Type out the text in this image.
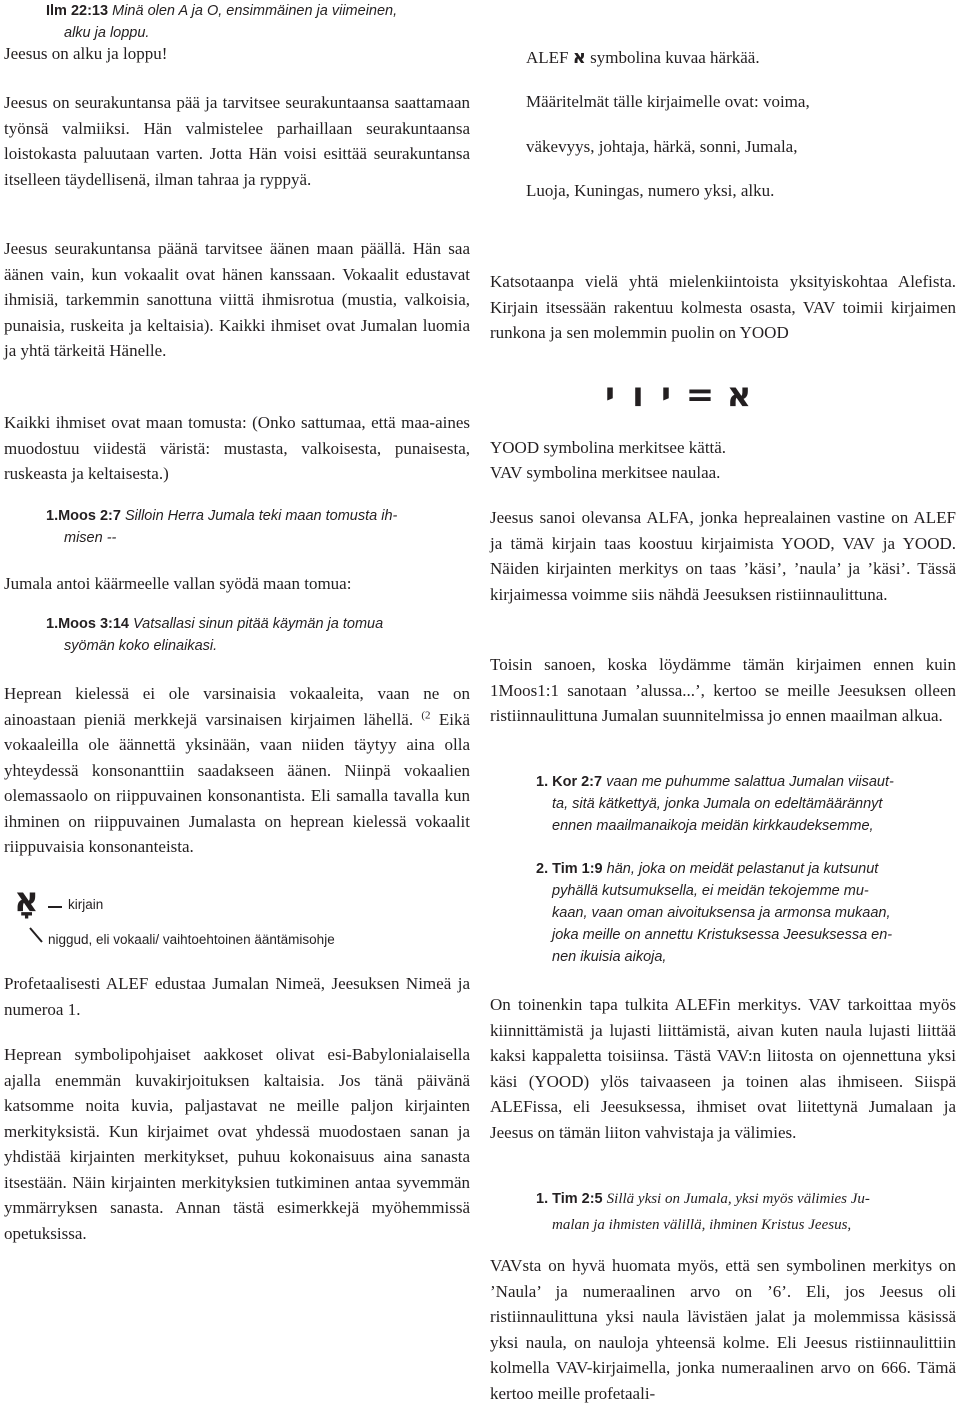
Ilm 22:13 Minä olen A ja O, ensimmäinen ja viimeinen,
alku ja loppu.
Jeesus on alku ja loppu!

Jeesus on seurakuntansa pää ja tarvitsee seurakuntaansa saattamaan työnsä valmiiksi. Hän valmistelee parhaillaan seurakuntaansa loistokasta paluutaan varten. Jotta Hän voisi esittää seurakuntansa itselleen täydellisenä, ilman tahraa ja ryppyä.

Jeesus seurakuntansa päänä tarvitsee äänen maan päällä. Hän saa äänen vain, kun vokaalit ovat hänen kanssaan. Vokaalit edustavat ihmisiä, tarkemmin sanottuna viittä ihmisrotua (mustia, valkoisia, punaisia, ruskeita ja keltaisia). Kaikki ihmiset ovat Jumalan luomia ja yhtä tärkeitä Hänelle.

Kaikki ihmiset ovat maan tomusta: (Onko sattumaa, että maa-aines muodostuu viidestä väristä: mustasta, valkoisesta, punaisesta, ruskeasta ja keltaisesta.)

1.Moos 2:7 Silloin Herra Jumala teki maan tomusta ih-
misen --
Jumala antoi käärmeelle vallan syödä maan tomua:
1.Moos 3:14 Vatsallasi sinun pitää käymän ja tomua
syömän koko elinaikasi.

Heprean kielessä ei ole varsinaisia vokaaleita, vaan ne on ainoastaan pieniä merkkejä varsinaisen kirjaimen lähellä. $^{(2}$ Eikä vokaaleilla ole äännettä yksinään, vaan niiden täytyy aina olla yhteydessä konsonanttiin saadakseen äänen. Niinpä vokaalien olemassaolo on riippuvainen konsonantista. Eli samalla tavalla kun ihminen on riippuvainen Jumalasta on heprean kielessä vokaalit riippuvaisia konsonanteista.

אָ kirjain
niggud, eli vokaali/ vaihtoehtoinen ääntämisohje

Profetaalisesti ALEF edustaa Jumalan Nimeä, Jeesuksen Nimeä ja numeroa 1.

Heprean symbolipohjaiset aakkoset olivat esi-Babylonialaisella ajalla enemmän kuvakirjoituksen kaltaisia. Jos tänä päivänä katsomme noita kuvia, paljastavat ne meille paljon kirjainten merkityksistä. Kun kirjaimet ovat yhdessä muodostaen sanan ja yhdistää kirjainten merkitykset, puhuu kokonaisuus aina sanasta itsestään. Näin kirjainten merkityksien tutkiminen antaa syvemmän ymmärryksen sanasta. Annan tästä esimerkkejä myöhemmissä opetuksissa.

ALEF א symbolina kuvaa härkää.
Määritelmät tälle kirjaimelle ovat: voima,
väkevyys, johtaja, härkä, sonni, Jumala,
Luoja, Kuningas, numero yksi, alku.

Katsotaanpa vielä yhtä mielenkiintoista yksityiskohtaa Alefista. Kirjain itsessään rakentuu kolmesta osasta, VAV toimii kirjaimen runkona ja sen molemmin puolin on YOOD

י ו י = א
YOOD symbolina merkitsee kättä.
VAV symbolina merkitsee naulaa.

Jeesus sanoi olevansa ALFA, jonka heprealainen vastine on ALEF ja tämä kirjain taas koostuu kirjaimista YOOD, VAV ja YOOD. Näiden kirjainten merkitys on taas ’käsi’, ’naula’ ja ’käsi’. Tässä kirjaimessa voimme siis nähdä Jeesuksen ristiinnaulittuna.

Toisin sanoen, koska löydämme tämän kirjaimen ennen kuin 1Moos1:1 sanotaan ’alussa...’, kertoo se meille Jeesuksen olleen ristiinnaulittuna Jumalan suunnitelmissa jo ennen maailman alkua.

1. Kor 2:7 vaan me puhumme salattua Jumalan viisaut-
ta, sitä kätkettyä, jonka Jumala on edeltämäärännyt
ennen maailmanaikoja meidän kirkkaudeksemme,
2. Tim 1:9 hän, joka on meidät pelastanut ja kutsunut
pyhällä kutsumuksella, ei meidän tekojemme mu-
kaan, vaan oman aivoituksensa ja armonsa mukaan,
joka meille on annettu Kristuksessa Jeesuksessa en-
nen ikuisia aikoja,

On toinenkin tapa tulkita ALEFin merkitys. VAV tarkoittaa myös kiinnittämistä ja lujasti liittämistä, aivan kuten naula lujasti liittää kaksi kappaletta toisiinsa. Tästä VAV:n liitosta on ojennettuna yksi käsi (YOOD) ylös taivaaseen ja toinen alas ihmiseen. Siispä ALEFissa, eli Jeesuksessa, ihmiset ovat liitettynä Jumalaan ja Jeesus on tämän liiton vahvistaja ja välimies.

1. Tim 2:5 Sillä yksi on Jumala, yksi myös välimies Ju-
malan ja ihmisten välillä, ihminen Kristus Jeesus,

VAVsta on hyvä huomata myös, että sen symbolinen merkitys on ’Naula’ ja numeraalinen arvo on ’6’. Eli, jos Jeesus oli ristiinnaulittuna yksi naula lävistäen jalat ja molemmissa käsissä yksi naula, on nauloja yhteensä kolme. Eli Jeesus ristiinnaulittiin kolmella VAV-kirjaimella, jonka numeraalinen arvo on 666. Tämä kertoo meille profetaali-
